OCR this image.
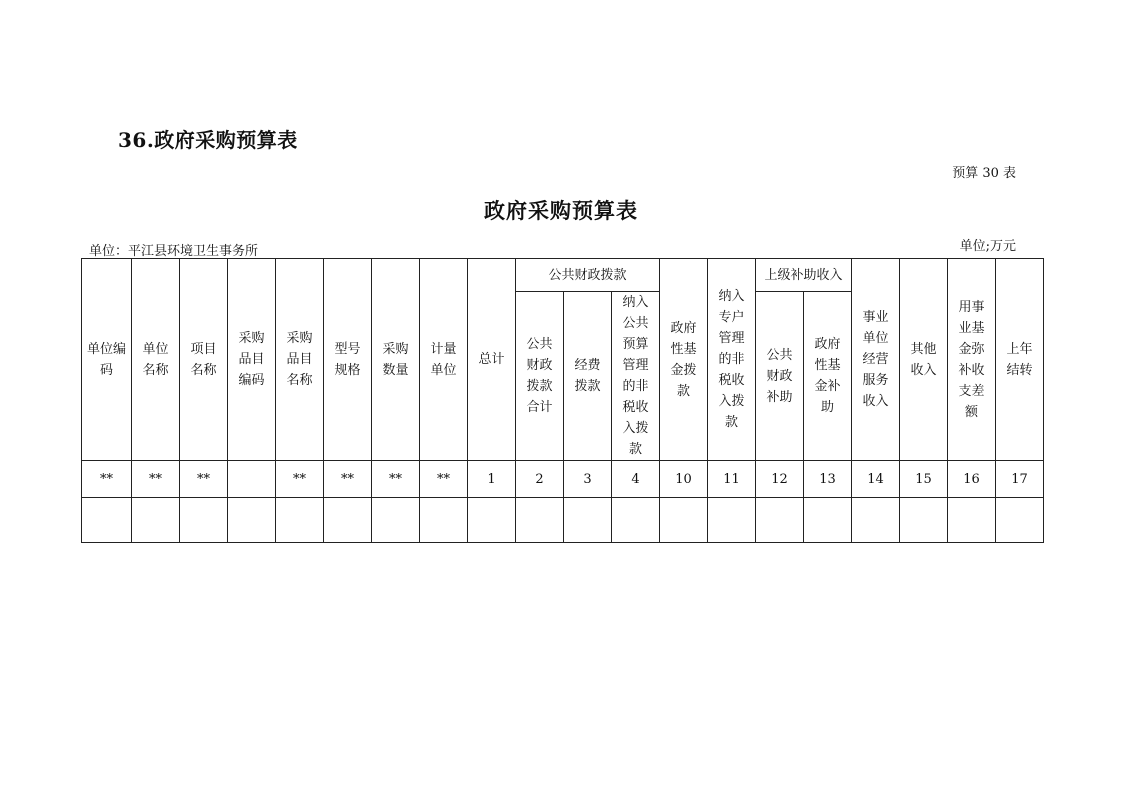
36.政府采购预算表
预算 30 表
政府采购预算表
单位：平江县环境卫生事务所	单位;万元
单位编码	单位名称	项目名称	采购品目编码	采购品目名称	型号规格	采购数量	计量单位	总计	公共财政拨款			政府性基金拨款	纳入专户管理的非税收入拨款	上级补助收入		事业单位经营服务收入	其他收入	用事业基金弥补收支差额	上年结转
									公共财政拨款合计	经费拨款	纳入公共预算管理的非税收入拨款								
														公共财政补助	政府性基金补助				
**	**	**		**	**	**	**	1	2	3	4	10	11	12	13	14	15	16	17
